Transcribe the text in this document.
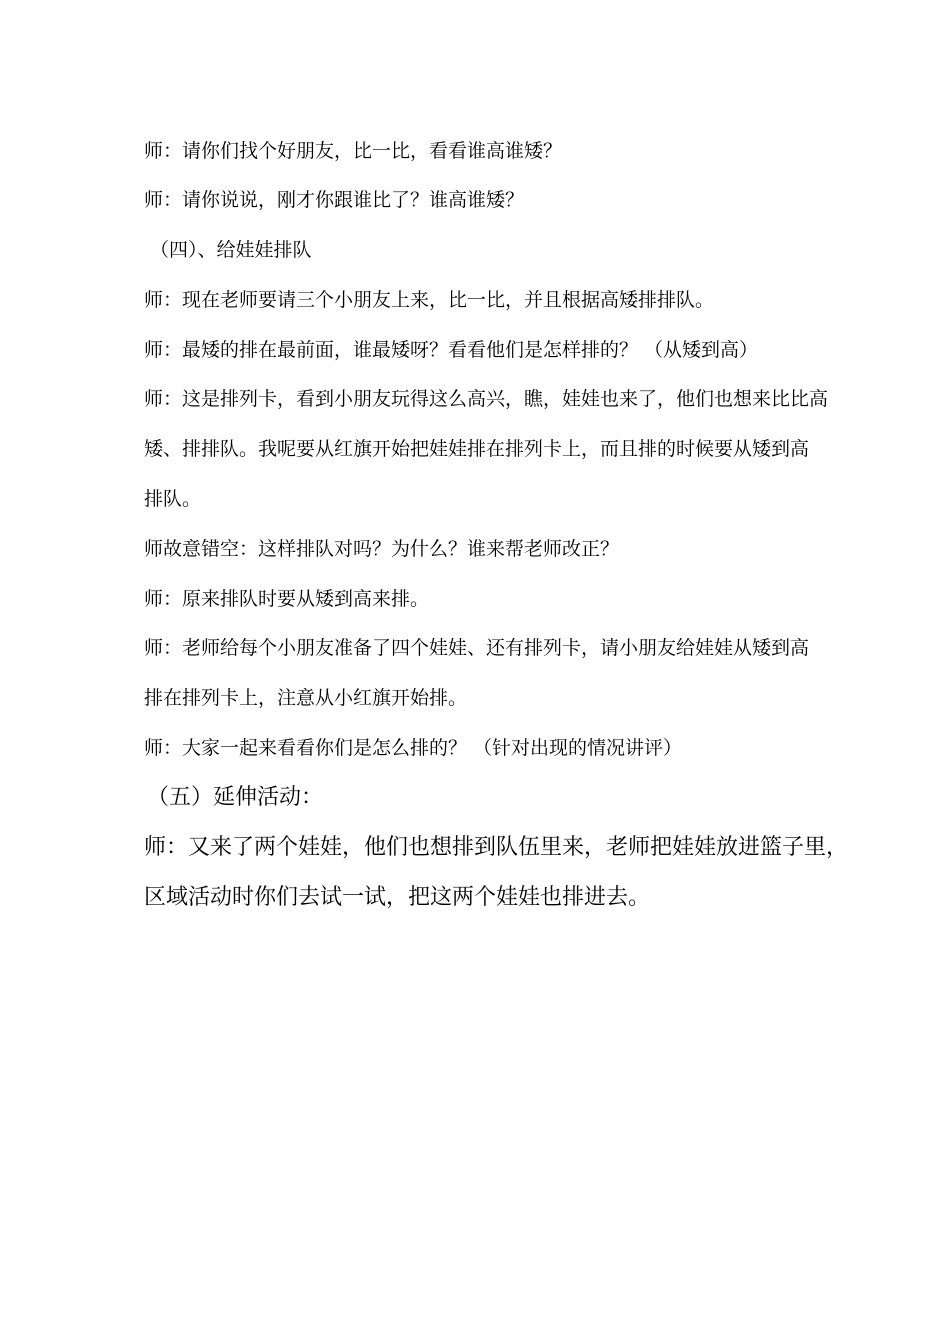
师：请你们找个好朋友，比一比，看看谁高谁矮？
师：请你说说，刚才你跟谁比了？谁高谁矮？
（四）、给娃娃排队
师：现在老师要请三个小朋友上来，比一比，并且根据高矮排排队。
师：最矮的排在最前面，谁最矮呀？看看他们是怎样排的？ （从矮到高）
师：这是排列卡，看到小朋友玩得这么高兴，瞧，娃娃也来了，他们也想来比比高
矮、排排队。我呢要从红旗开始把娃娃排在排列卡上，而且排的时候要从矮到高
排队。
师故意错空：这样排队对吗？为什么？谁来帮老师改正？
师：原来排队时要从矮到高来排。
师：老师给每个小朋友准备了四个娃娃、还有排列卡，请小朋友给娃娃从矮到高
排在排列卡上，注意从小红旗开始排。
师：大家一起来看看你们是怎么排的？ （针对出现的情况讲评）
（五）延伸活动：
师：又来了两个娃娃，他们也想排到队伍里来，老师把娃娃放进篮子里，
区域活动时你们去试一试，把这两个娃娃也排进去。
